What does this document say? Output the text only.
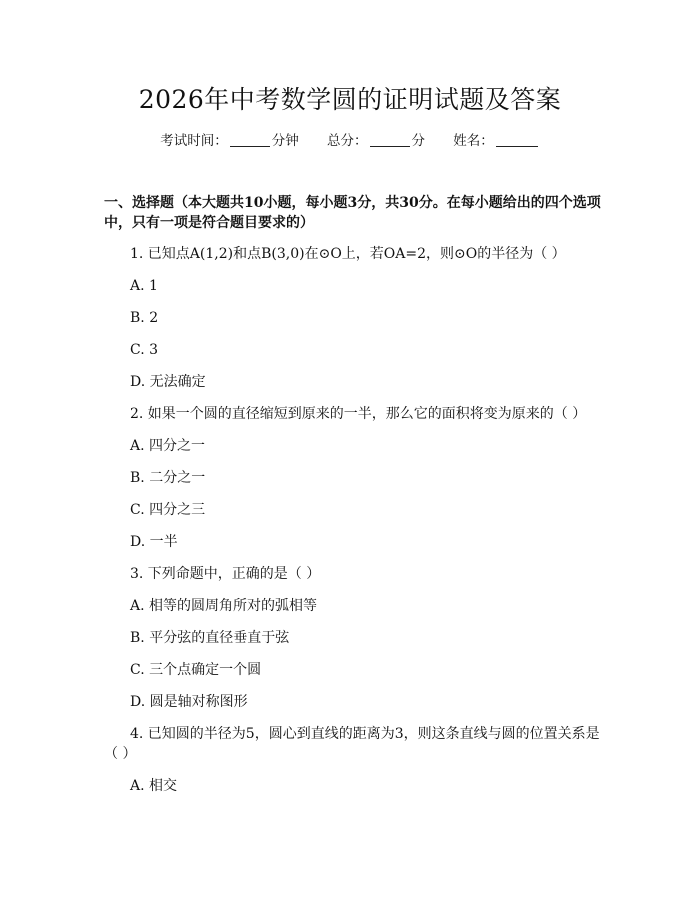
2026年中考数学圆的证明试题及答案
考试时间：	分钟 总分：	分 姓名：
一、选择题（本大题共10小题，每小题3分，共30分。在每小题给出的四个选项中，只有一项是符合题目要求的）
1. 已知点A(1,2)和点B(3,0)在⊙O上，若OA=2，则⊙O的半径为（ ）
A. 1
B. 2
C. 3
D. 无法确定
2. 如果一个圆的直径缩短到原来的一半，那么它的面积将变为原来的（ ）
A. 四分之一
B. 二分之一
C. 四分之三
D. 一半
3. 下列命题中，正确的是（ ）
A. 相等的圆周角所对的弧相等
B. 平分弦的直径垂直于弦
C. 三个点确定一个圆
D. 圆是轴对称图形
4. 已知圆的半径为5，圆心到直线的距离为3，则这条直线与圆的位置关系是（ ）
A. 相交
